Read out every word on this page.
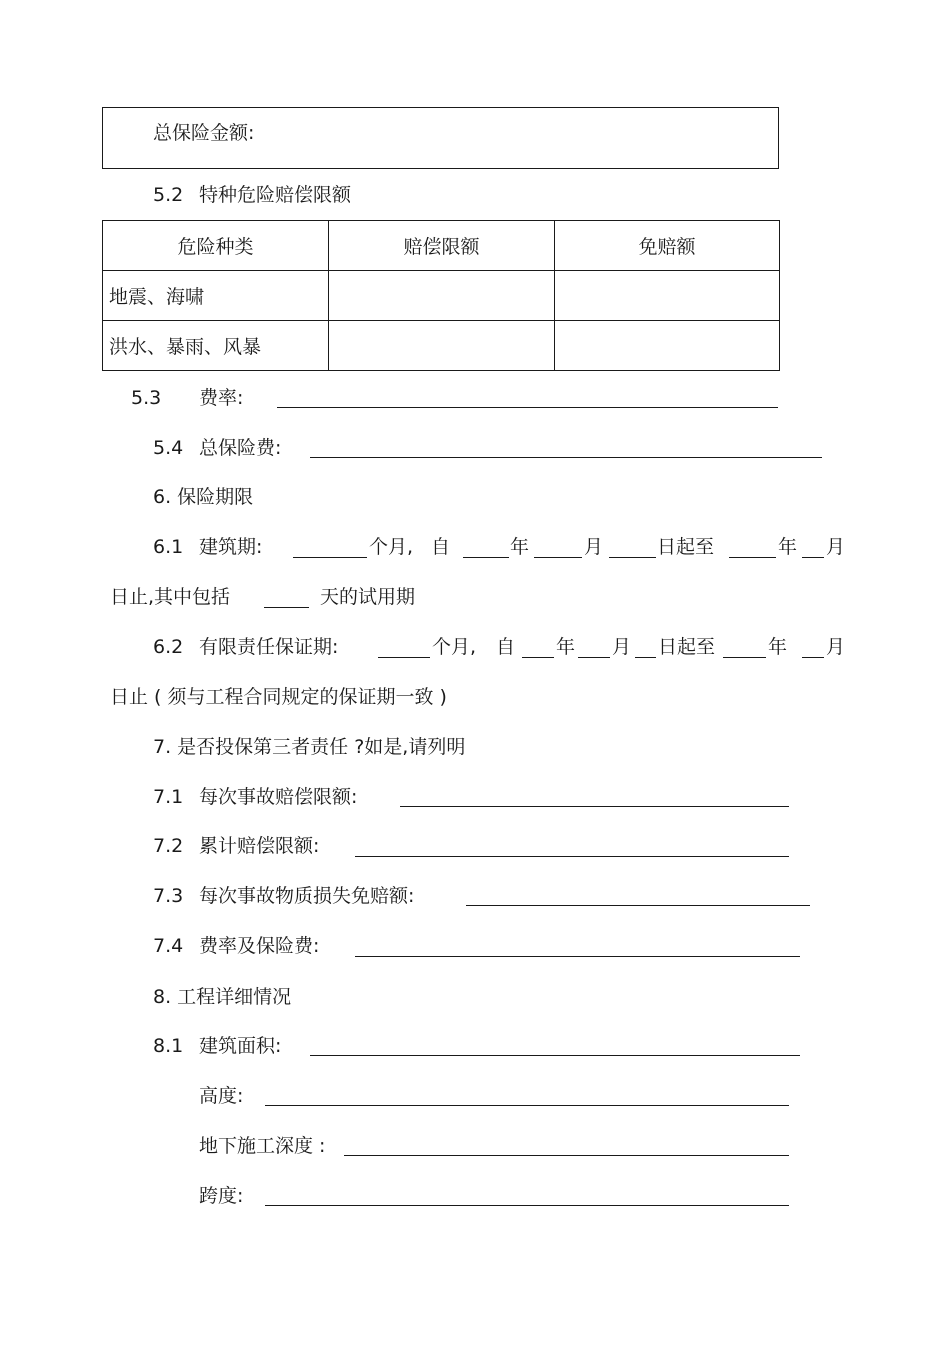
总保险金额:
5.2 特种危险赔偿限额
危险种类	赔偿限额	免赔额
地震、海啸		
洪水、暴雨、风暴		
5.3 费率:
5.4 总保险费:
6. 保险期限
6.1 建筑期:	个月, 自	年	月	日起至	年 月
日止,其中包括	天的试用期
6.2 有限责任保证期:	个月, 自 年 月 日起至	年 月
日止 ( 须与工程合同规定的保证期一致 )
7. 是否投保第三者责任 ?如是,请列明
7.1 每次事故赔偿限额:
7.2 累计赔偿限额:
7.3 每次事故物质损失免赔额:
7.4 费率及保险费:
8. 工程详细情况
8.1 建筑面积:
高度:
地下施工深度 :
跨度:
